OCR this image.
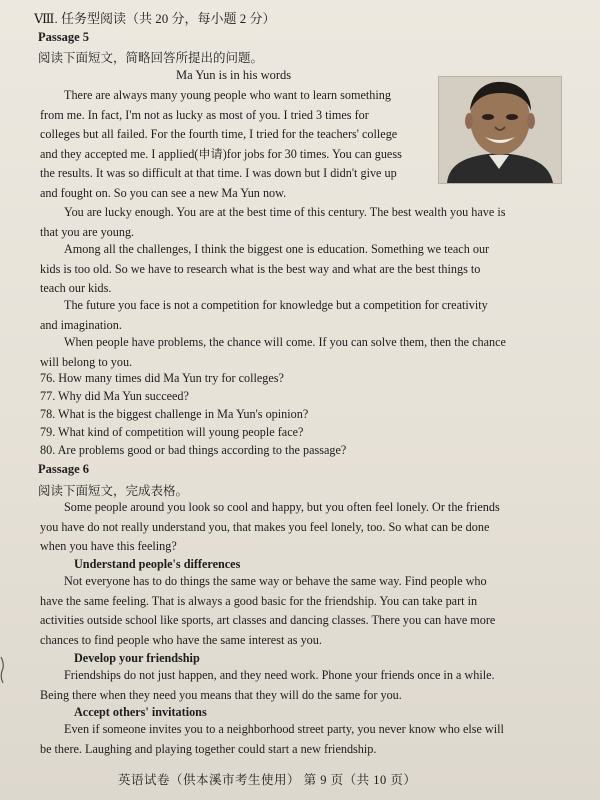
Ⅷ. 任务型阅读（共 20 分，每小题 2 分）
Passage 5
阅读下面短文，简略回答所提出的问题。
Ma Yun is in his words
There are always many young people who want to learn something
from me. In fact, I'm not as lucky as most of you. I tried 3 times for
colleges but all failed. For the fourth time, I tried for the teachers' college
and they accepted me. I applied(申请)for jobs for 30 times. You can guess
the results. It was so difficult at that time. I was down but I didn't give up
and fought on. So you can see a new Ma Yun now.
You are lucky enough. You are at the best time of this century. The best wealth you have is
that you are young.
Among all the challenges, I think the biggest one is education. Something we teach our
kids is too old. So we have to research what is the best way and what are the best things to
teach our kids.
The future you face is not a competition for knowledge but a competition for creativity
and imagination.
When people have problems, the chance will come. If you can solve them, then the chance
will belong to you.
76. How many times did Ma Yun try for colleges?
77. Why did Ma Yun succeed?
78. What is the biggest challenge in Ma Yun's opinion?
79. What kind of competition will young people face?
80. Are problems good or bad things according to the passage?
Passage 6
阅读下面短文，完成表格。
Some people around you look so cool and happy, but you often feel lonely. Or the friends
you have do not really understand you, that makes you feel lonely, too. So what can be done
when you have this feeling?
Understand people's differences
Not everyone has to do things the same way or behave the same way. Find people who
have the same feeling. That is always a good basic for the friendship. You can take part in
activities outside school like sports, art classes and dancing classes. There you can have more
chances to find people who have the same interest as you.
Develop your friendship
Friendships do not just happen, and they need work. Phone your friends once in a while.
Being there when they need you means that they will do the same for you.
Accept others' invitations
Even if someone invites you to a neighborhood street party, you never know who else will
be there. Laughing and playing together could start a new friendship.
英语试卷（供本溪市考生使用） 第 9 页（共 10 页）
